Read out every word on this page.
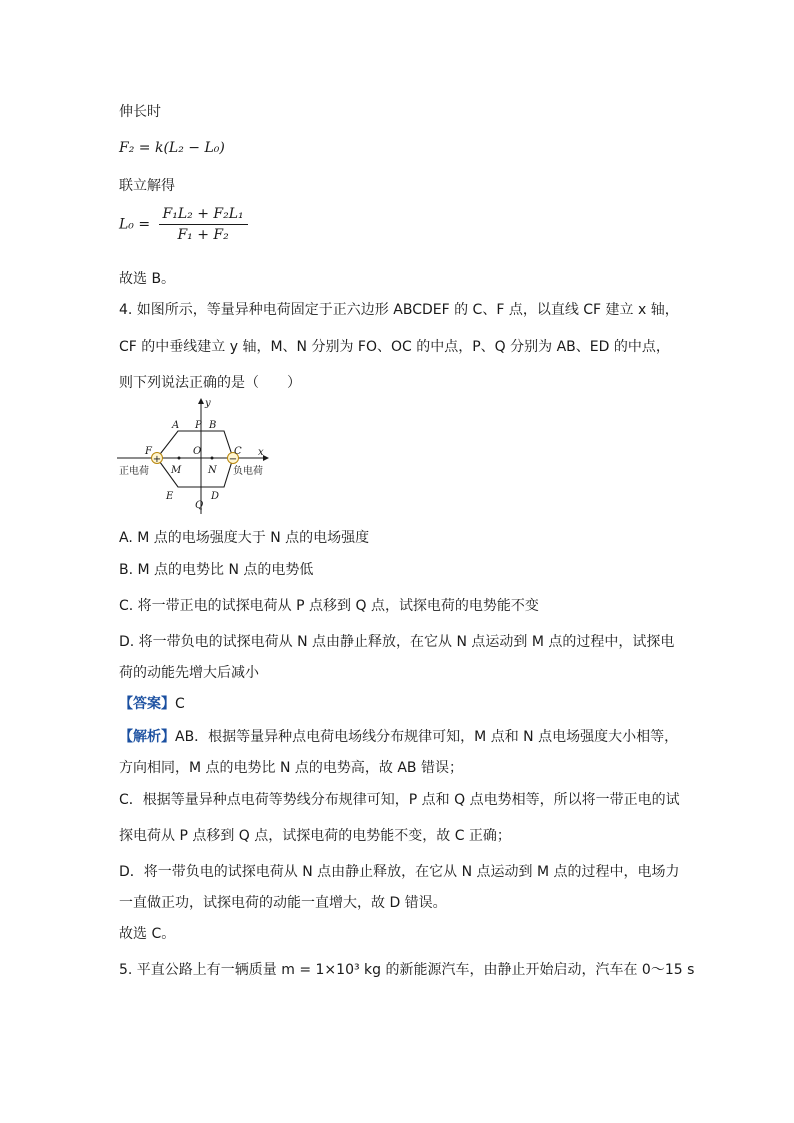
伸长时
F₂ = k(L₂ − L₀)
联立解得
$L_0 = \frac{\text{F₁L₂ + F₂L₁}}{\text{F₁ + F₂}}$
故选 B。
4. 如图所示，等量异种电荷固定于正六边形 ABCDEF 的 C、F 点，以直线 CF 建立 x 轴，
CF 的中垂线建立 y 轴，M、N 分别为 FO、OC 的中点，P、Q 分别为 AB、ED 的中点，
则下列说法正确的是（　　）
+	−
y
x
A P B
F	O	C
M	N
E
Q
D
正电荷	负电荷
A. M 点的电场强度大于 N 点的电场强度
B. M 点的电势比 N 点的电势低
C. 将一带正电的试探电荷从 P 点移到 Q 点，试探电荷的电势能不变
D. 将一带负电的试探电荷从 N 点由静止释放，在它从 N 点运动到 M 点的过程中，试探电
荷的动能先增大后减小
【答案】C
【解析】AB．根据等量异种点电荷电场线分布规律可知，M 点和 N 点电场强度大小相等，
方向相同，M 点的电势比 N 点的电势高，故 AB 错误；
C．根据等量异种点电荷等势线分布规律可知，P 点和 Q 点电势相等，所以将一带正电的试
探电荷从 P 点移到 Q 点，试探电荷的电势能不变，故 C 正确；
D．将一带负电的试探电荷从 N 点由静止释放，在它从 N 点运动到 M 点的过程中，电场力
一直做正功，试探电荷的动能一直增大，故 D 错误。
故选 C。
5. 平直公路上有一辆质量 m = 1×10³ kg 的新能源汽车，由静止开始启动，汽车在 0～15 s
